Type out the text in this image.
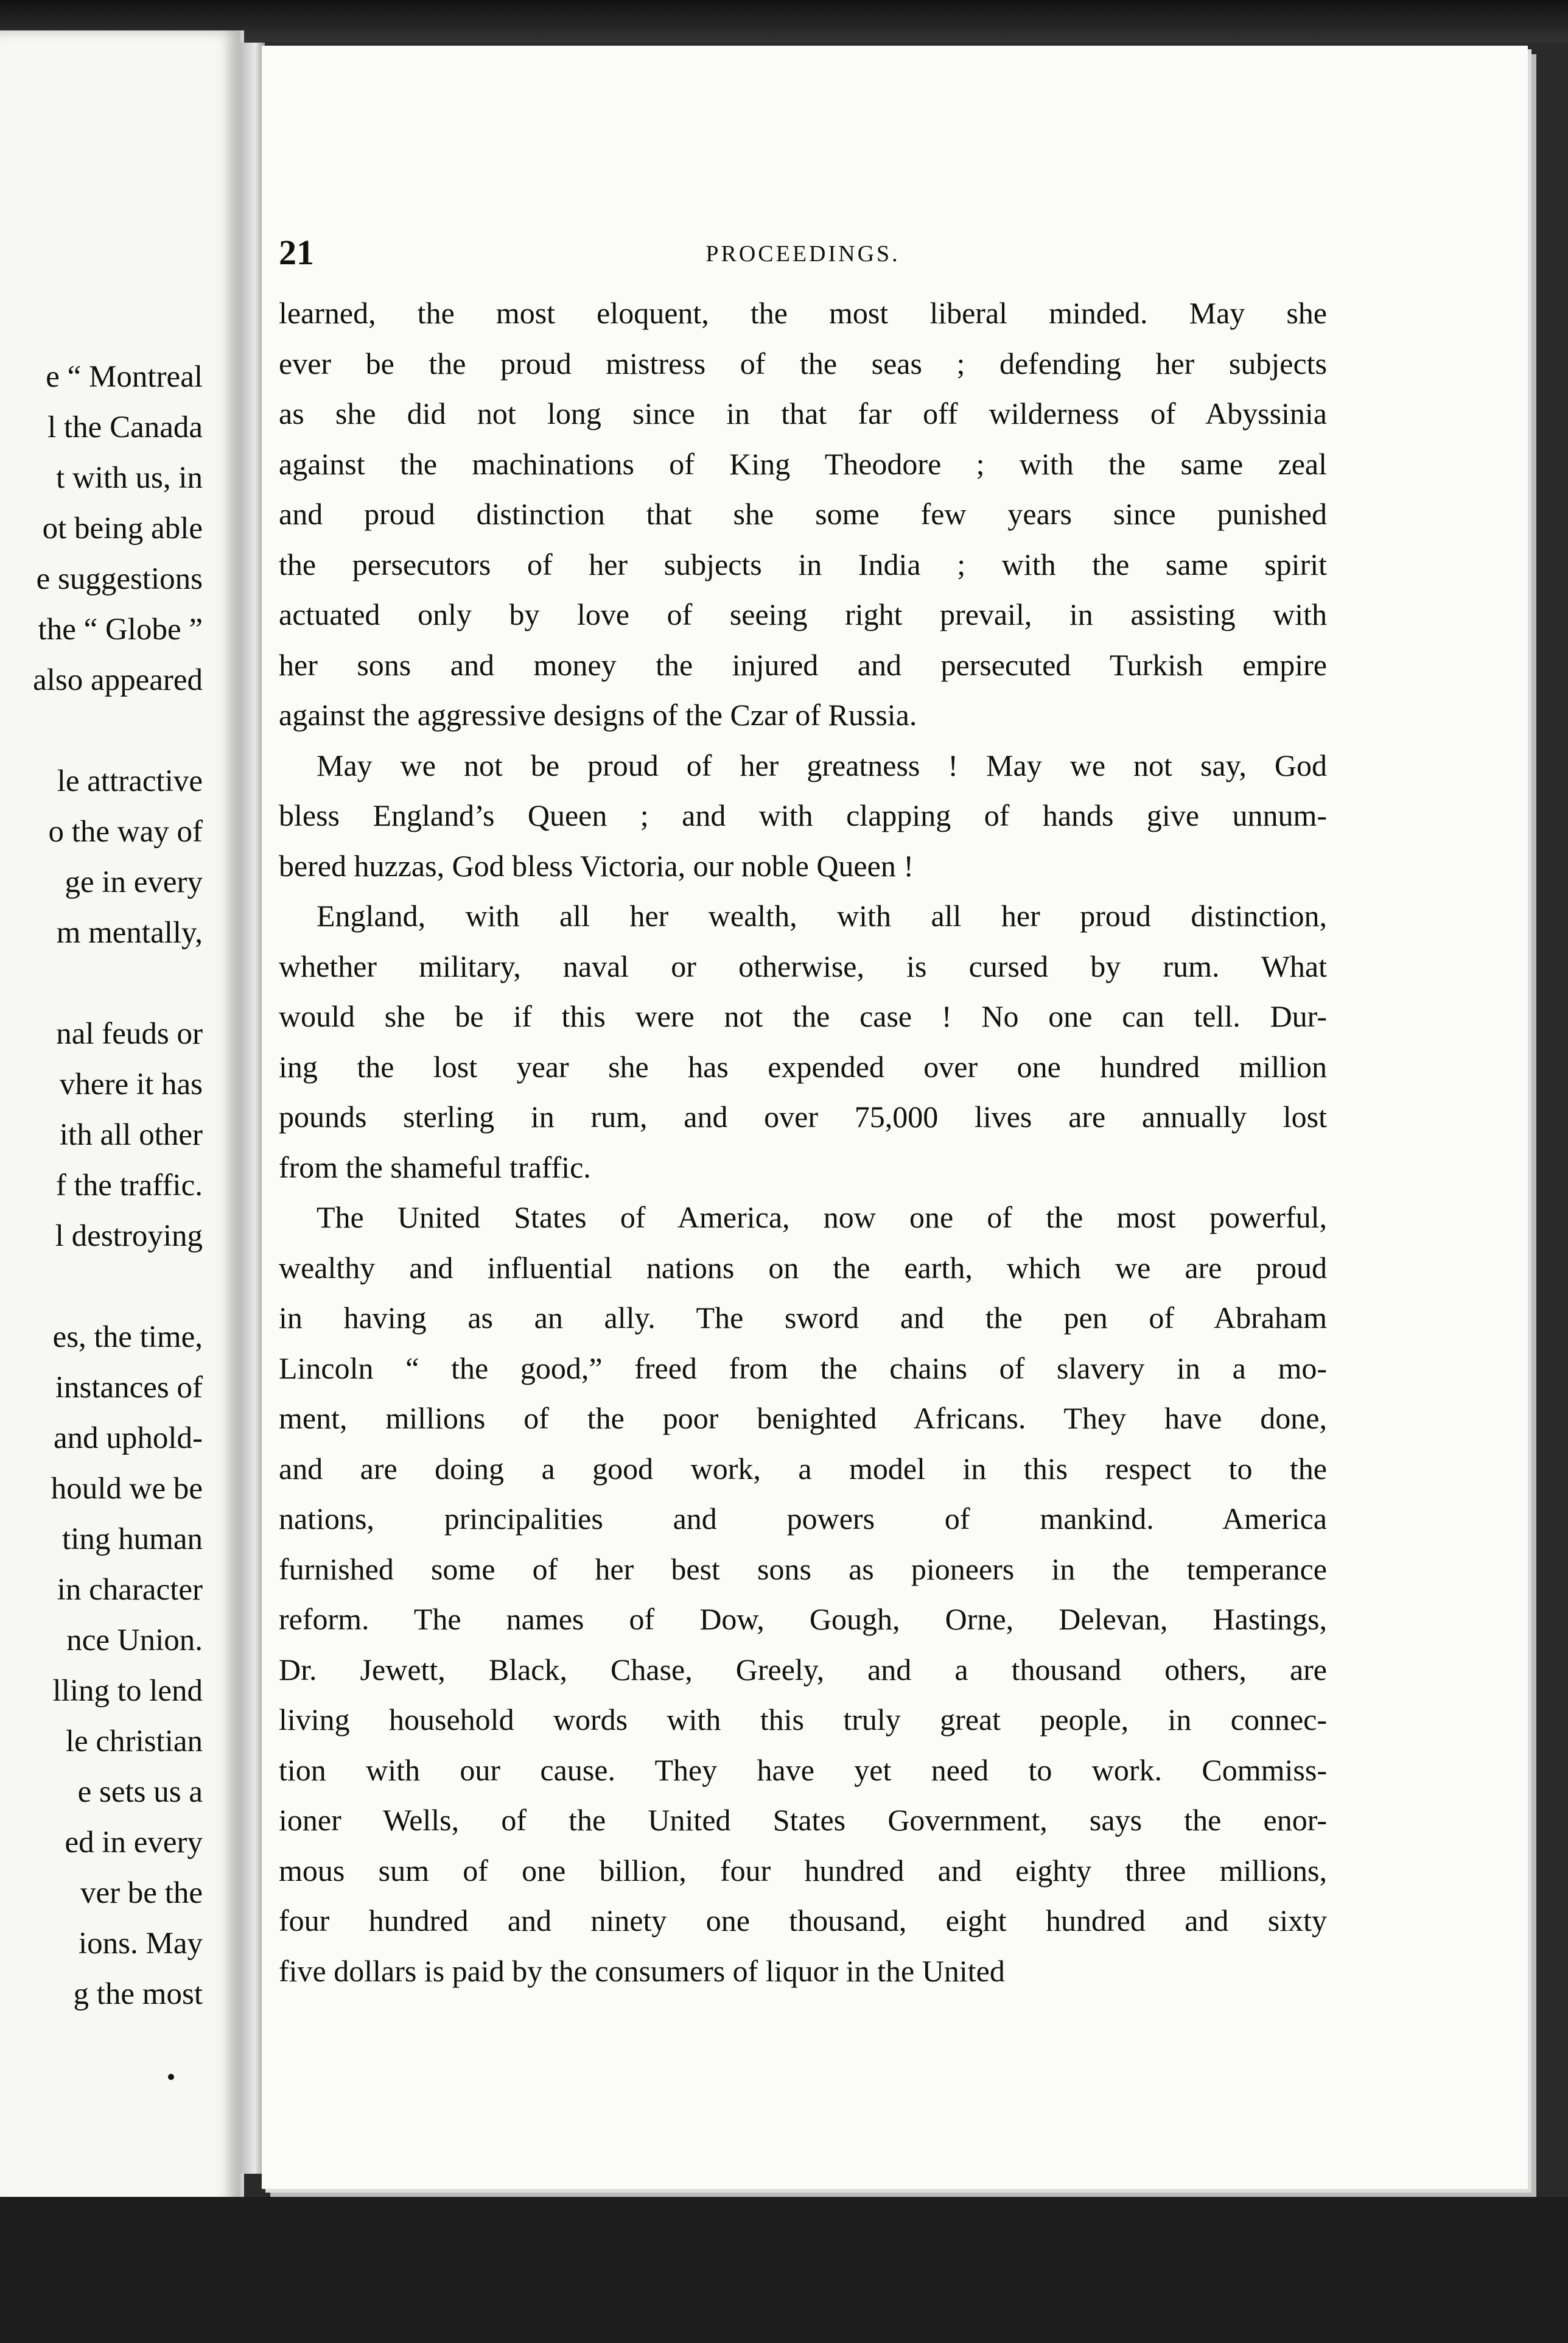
e “ Montreal
l the Canada
t with us, in
ot being able
e suggestions
the “ Globe ”
also appeared
le attractive
o the way of
ge in every
m mentally,
nal feuds or
vhere it has
ith all other
f the traffic.
l destroying
es, the time,
instances of
and uphold-
hould we be
ting human
in character
nce Union.
lling to lend
le christian
e sets us a
ed in every
ver be the
ions. May
g the most
21	PROCEEDINGS.

learned, the most eloquent, the most liberal minded. May she
ever be the proud mistress of the seas ; defending her subjects
as she did not long since in that far off wilderness of Abyssinia
against the machinations of King Theodore ; with the same zeal
and proud distinction that she some few years since punished
the persecutors of her subjects in India ; with the same spirit
actuated only by love of seeing right prevail, in assisting with
her sons and money the injured and persecuted Turkish empire
against the aggressive designs of the Czar of Russia.

May we not be proud of her greatness ! May we not say, God
bless England’s Queen ; and with clapping of hands give unnum-
bered huzzas, God bless Victoria, our noble Queen !

England, with all her wealth, with all her proud distinction,
whether military, naval or otherwise, is cursed by rum. What
would she be if this were not the case ! No one can tell. Dur-
ing the lost year she has expended over one hundred million
pounds sterling in rum, and over 75,000 lives are annually lost
from the shameful traffic.

The United States of America, now one of the most powerful,
wealthy and influential nations on the earth, which we are proud
in having as an ally. The sword and the pen of Abraham
Lincoln “ the good,” freed from the chains of slavery in a mo-
ment, millions of the poor benighted Africans. They have done,
and are doing a good work, a model in this respect to the
nations, principalities and powers of mankind. America
furnished some of her best sons as pioneers in the temperance
reform. The names of Dow, Gough, Orne, Delevan, Hastings,
Dr. Jewett, Black, Chase, Greely, and a thousand others, are
living household words with this truly great people, in connec-
tion with our cause. They have yet need to work. Commiss-
ioner Wells, of the United States Government, says the enor-
mous sum of one billion, four hundred and eighty three millions,
four hundred and ninety one thousand, eight hundred and sixty
five dollars is paid by the consumers of liquor in the United
